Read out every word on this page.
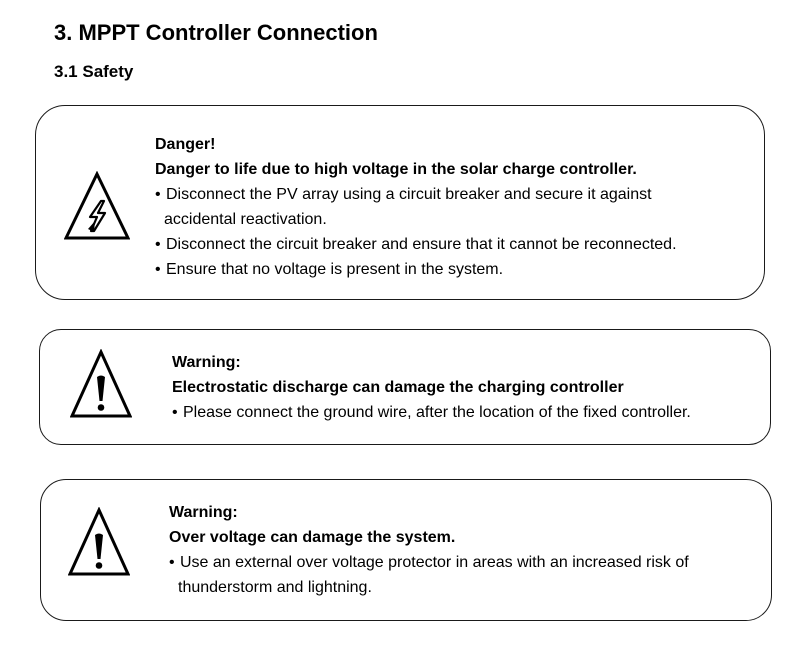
3. MPPT Controller Connection
3.1 Safety
Danger!
Danger to life due to high voltage in the solar charge controller.
• Disconnect the PV array using a circuit breaker and secure it against
accidental reactivation.
• Disconnect the circuit breaker and ensure that it cannot be reconnected.
• Ensure that no voltage is present in the system.
Warning:
Electrostatic discharge can damage the charging controller
• Please connect the ground wire, after the location of the fixed controller.
Warning:
Over voltage can damage the system.
• Use an external over voltage protector in areas with an increased risk of
thunderstorm and lightning.
